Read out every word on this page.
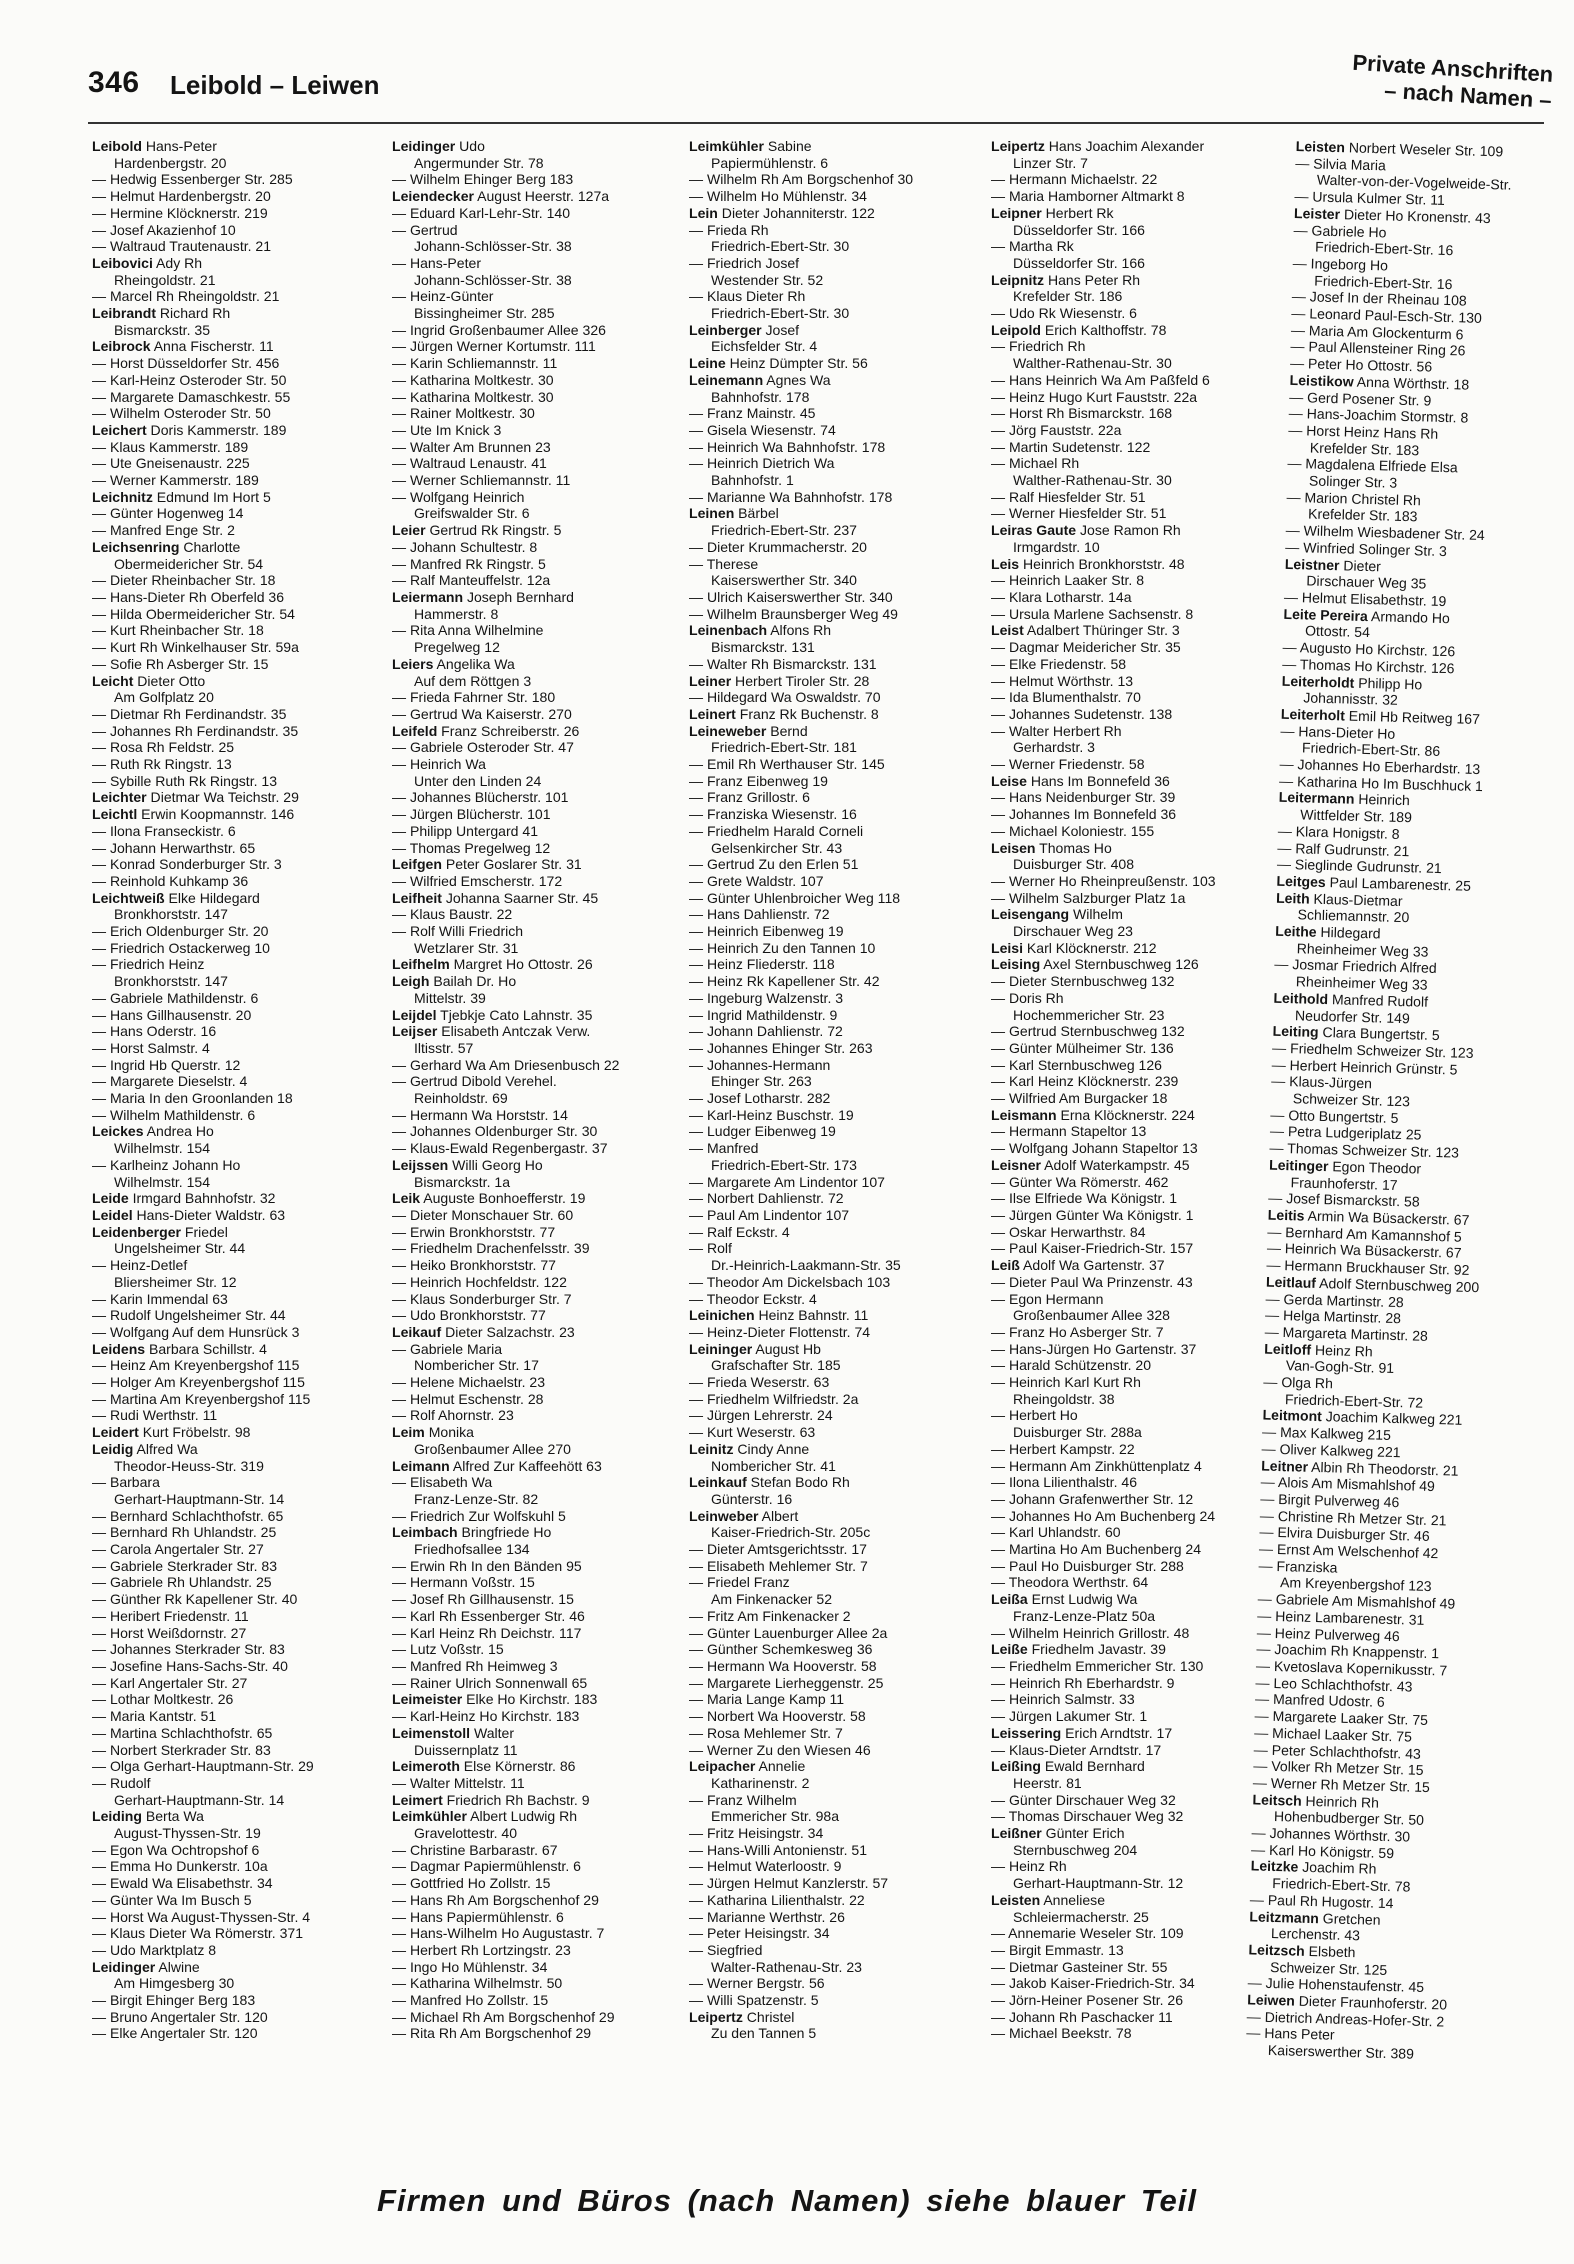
346 Leibold – Leiwen	Private Anschriften
– nach Namen –
Leibold Hans-Peter
Hardenbergstr. 20
— Hedwig Essenberger Str. 285
— Helmut Hardenbergstr. 20
— Hermine Klöcknerstr. 219
— Josef Akazienhof 10
— Waltraud Trautenaustr. 21
Leibovici Ady Rh
Rheingoldstr. 21
— Marcel Rh Rheingoldstr. 21
Leibrandt Richard Rh
Bismarckstr. 35
Leibrock Anna Fischerstr. 11
— Horst Düsseldorfer Str. 456
— Karl-Heinz Osteroder Str. 50
— Margarete Damaschkestr. 55
— Wilhelm Osteroder Str. 50
Leichert Doris Kammerstr. 189
— Klaus Kammerstr. 189
— Ute Gneisenaustr. 225
— Werner Kammerstr. 189
Leichnitz Edmund Im Hort 5
— Günter Hogenweg 14
— Manfred Enge Str. 2
Leichsenring Charlotte
Obermeidericher Str. 54
— Dieter Rheinbacher Str. 18
— Hans-Dieter Rh Oberfeld 36
— Hilda Obermeidericher Str. 54
— Kurt Rheinbacher Str. 18
— Kurt Rh Winkelhauser Str. 59a
— Sofie Rh Asberger Str. 15
Leicht Dieter Otto
Am Golfplatz 20
— Dietmar Rh Ferdinandstr. 35
— Johannes Rh Ferdinandstr. 35
— Rosa Rh Feldstr. 25
— Ruth Rk Ringstr. 13
— Sybille Ruth Rk Ringstr. 13
Leichter Dietmar Wa Teichstr. 29
Leichtl Erwin Koopmannstr. 146
— Ilona Franseckistr. 6
— Johann Herwarthstr. 65
— Konrad Sonderburger Str. 3
— Reinhold Kuhkamp 36
Leichtweiß Elke Hildegard
Bronkhorststr. 147
— Erich Oldenburger Str. 20
— Friedrich Ostackerweg 10
— Friedrich Heinz
Bronkhorststr. 147
— Gabriele Mathildenstr. 6
— Hans Gillhausenstr. 20
— Hans Oderstr. 16
— Horst Salmstr. 4
— Ingrid Hb Querstr. 12
— Margarete Dieselstr. 4
— Maria In den Groonlanden 18
— Wilhelm Mathildenstr. 6
Leickes Andrea Ho
Wilhelmstr. 154
— Karlheinz Johann Ho
Wilhelmstr. 154
Leide Irmgard Bahnhofstr. 32
Leidel Hans-Dieter Waldstr. 63
Leidenberger Friedel
Ungelsheimer Str. 44
— Heinz-Detlef
Bliersheimer Str. 12
— Karin Immendal 63
— Rudolf Ungelsheimer Str. 44
— Wolfgang Auf dem Hunsrück 3
Leidens Barbara Schillstr. 4
— Heinz Am Kreyenbergshof 115
— Holger Am Kreyenbergshof 115
— Martina Am Kreyenbergshof 115
— Rudi Werthstr. 11
Leidert Kurt Fröbelstr. 98
Leidig Alfred Wa
Theodor-Heuss-Str. 319
— Barbara
Gerhart-Hauptmann-Str. 14
— Bernhard Schlachthofstr. 65
— Bernhard Rh Uhlandstr. 25
— Carola Angertaler Str. 27
— Gabriele Sterkrader Str. 83
— Gabriele Rh Uhlandstr. 25
— Günther Rk Kapellener Str. 40
— Heribert Friedenstr. 11
— Horst Weißdornstr. 27
— Johannes Sterkrader Str. 83
— Josefine Hans-Sachs-Str. 40
— Karl Angertaler Str. 27
— Lothar Moltkestr. 26
— Maria Kantstr. 51
— Martina Schlachthofstr. 65
— Norbert Sterkrader Str. 83
— Olga Gerhart-Hauptmann-Str. 29
— Rudolf
Gerhart-Hauptmann-Str. 14
Leiding Berta Wa
August-Thyssen-Str. 19
— Egon Wa Ochtropshof 6
— Emma Ho Dunkerstr. 10a
— Ewald Wa Elisabethstr. 34
— Günter Wa Im Busch 5
— Horst Wa August-Thyssen-Str. 4
— Klaus Dieter Wa Römerstr. 371
— Udo Marktplatz 8
Leidinger Alwine
Am Himgesberg 30
— Birgit Ehinger Berg 183
— Bruno Angertaler Str. 120
— Elke Angertaler Str. 120
Leidinger Udo
Angermunder Str. 78
— Wilhelm Ehinger Berg 183
Leiendecker August Heerstr. 127a
— Eduard Karl-Lehr-Str. 140
— Gertrud
Johann-Schlösser-Str. 38
— Hans-Peter
Johann-Schlösser-Str. 38
— Heinz-Günter
Bissingheimer Str. 285
— Ingrid Großenbaumer Allee 326
— Jürgen Werner Kortumstr. 111
— Karin Schliemannstr. 11
— Katharina Moltkestr. 30
— Katharina Moltkestr. 30
— Rainer Moltkestr. 30
— Ute Im Knick 3
— Walter Am Brunnen 23
— Waltraud Lenaustr. 41
— Werner Schliemannstr. 11
— Wolfgang Heinrich
Greifswalder Str. 6
Leier Gertrud Rk Ringstr. 5
— Johann Schultestr. 8
— Manfred Rk Ringstr. 5
— Ralf Manteuffelstr. 12a
Leiermann Joseph Bernhard
Hammerstr. 8
— Rita Anna Wilhelmine
Pregelweg 12
Leiers Angelika Wa
Auf dem Röttgen 3
— Frieda Fahrner Str. 180
— Gertrud Wa Kaiserstr. 270
Leifeld Franz Schreiberstr. 26
— Gabriele Osteroder Str. 47
— Heinrich Wa
Unter den Linden 24
— Johannes Blücherstr. 101
— Jürgen Blücherstr. 101
— Philipp Untergard 41
— Thomas Pregelweg 12
Leifgen Peter Goslarer Str. 31
— Wilfried Emscherstr. 172
Leifheit Johanna Saarner Str. 45
— Klaus Baustr. 22
— Rolf Willi Friedrich
Wetzlarer Str. 31
Leifhelm Margret Ho Ottostr. 26
Leigh Bailah Dr. Ho
Mittelstr. 39
Leijdel Tjebkje Cato Lahnstr. 35
Leijser Elisabeth Antczak Verw.
Iltisstr. 57
— Gerhard Wa Am Driesenbusch 22
— Gertrud Dibold Verehel.
Reinholdstr. 69
— Hermann Wa Horststr. 14
— Johannes Oldenburger Str. 30
— Klaus-Ewald Regenbergastr. 37
Leijssen Willi Georg Ho
Bismarckstr. 1a
Leik Auguste Bonhoefferstr. 19
— Dieter Monschauer Str. 60
— Erwin Bronkhorststr. 77
— Friedhelm Drachenfelsstr. 39
— Heiko Bronkhorststr. 77
— Heinrich Hochfeldstr. 122
— Klaus Sonderburger Str. 7
— Udo Bronkhorststr. 77
Leikauf Dieter Salzachstr. 23
— Gabriele Maria
Nombericher Str. 17
— Helene Michaelstr. 23
— Helmut Eschenstr. 28
— Rolf Ahornstr. 23
Leim Monika
Großenbaumer Allee 270
Leimann Alfred Zur Kaffeehött 63
— Elisabeth Wa
Franz-Lenze-Str. 82
— Friedrich Zur Wolfskuhl 5
Leimbach Bringfriede Ho
Friedhofsallee 134
— Erwin Rh In den Bänden 95
— Hermann Voßstr. 15
— Josef Rh Gillhausenstr. 15
— Karl Rh Essenberger Str. 46
— Karl Heinz Rh Deichstr. 117
— Lutz Voßstr. 15
— Manfred Rh Heimweg 3
— Rainer Ulrich Sonnenwall 65
Leimeister Elke Ho Kirchstr. 183
— Karl-Heinz Ho Kirchstr. 183
Leimenstoll Walter
Duissernplatz 11
Leimeroth Else Körnerstr. 86
— Walter Mittelstr. 11
Leimert Friedrich Rh Bachstr. 9
Leimkühler Albert Ludwig Rh
Gravelottestr. 40
— Christine Barbarastr. 67
— Dagmar Papiermühlenstr. 6
— Gottfried Ho Zollstr. 15
— Hans Rh Am Borgschenhof 29
— Hans Papiermühlenstr. 6
— Hans-Wilhelm Ho Augustastr. 7
— Herbert Rh Lortzingstr. 23
— Ingo Ho Mühlenstr. 34
— Katharina Wilhelmstr. 50
— Manfred Ho Zollstr. 15
— Michael Rh Am Borgschenhof 29
— Rita Rh Am Borgschenhof 29
Leimkühler Sabine
Papiermühlenstr. 6
— Wilhelm Rh Am Borgschenhof 30
— Wilhelm Ho Mühlenstr. 34
Lein Dieter Johanniterstr. 122
— Frieda Rh
Friedrich-Ebert-Str. 30
— Friedrich Josef
Westender Str. 52
— Klaus Dieter Rh
Friedrich-Ebert-Str. 30
Leinberger Josef
Eichsfelder Str. 4
Leine Heinz Dümpter Str. 56
Leinemann Agnes Wa
Bahnhofstr. 178
— Franz Mainstr. 45
— Gisela Wiesenstr. 74
— Heinrich Wa Bahnhofstr. 178
— Heinrich Dietrich Wa
Bahnhofstr. 1
— Marianne Wa Bahnhofstr. 178
Leinen Bärbel
Friedrich-Ebert-Str. 237
— Dieter Krummacherstr. 20
— Therese
Kaiserswerther Str. 340
— Ulrich Kaiserswerther Str. 340
— Wilhelm Braunsberger Weg 49
Leinenbach Alfons Rh
Bismarckstr. 131
— Walter Rh Bismarckstr. 131
Leiner Herbert Tiroler Str. 28
— Hildegard Wa Oswaldstr. 70
Leinert Franz Rk Buchenstr. 8
Leineweber Bernd
Friedrich-Ebert-Str. 181
— Emil Rh Werthauser Str. 145
— Franz Eibenweg 19
— Franz Grillostr. 6
— Franziska Wiesenstr. 16
— Friedhelm Harald Corneli
Gelsenkircher Str. 43
— Gertrud Zu den Erlen 51
— Grete Waldstr. 107
— Günter Uhlenbroicher Weg 118
— Hans Dahlienstr. 72
— Heinrich Eibenweg 19
— Heinrich Zu den Tannen 10
— Heinz Fliederstr. 118
— Heinz Rk Kapellener Str. 42
— Ingeburg Walzenstr. 3
— Ingrid Mathildenstr. 9
— Johann Dahlienstr. 72
— Johannes Ehinger Str. 263
— Johannes-Hermann
Ehinger Str. 263
— Josef Lotharstr. 282
— Karl-Heinz Buschstr. 19
— Ludger Eibenweg 19
— Manfred
Friedrich-Ebert-Str. 173
— Margarete Am Lindentor 107
— Norbert Dahlienstr. 72
— Paul Am Lindentor 107
— Ralf Eckstr. 4
— Rolf
Dr.-Heinrich-Laakmann-Str. 35
— Theodor Am Dickelsbach 103
— Theodor Eckstr. 4
Leinichen Heinz Bahnstr. 11
— Heinz-Dieter Flottenstr. 74
Leininger August Hb
Grafschafter Str. 185
— Frieda Weserstr. 63
— Friedhelm Wilfriedstr. 2a
— Jürgen Lehrerstr. 24
— Kurt Weserstr. 63
Leinitz Cindy Anne
Nombericher Str. 41
Leinkauf Stefan Bodo Rh
Günterstr. 16
Leinweber Albert
Kaiser-Friedrich-Str. 205c
— Dieter Amtsgerichtsstr. 17
— Elisabeth Mehlemer Str. 7
— Friedel Franz
Am Finkenacker 52
— Fritz Am Finkenacker 2
— Günter Lauenburger Allee 2a
— Günther Schemkesweg 36
— Hermann Wa Hooverstr. 58
— Margarete Lierheggenstr. 25
— Maria Lange Kamp 11
— Norbert Wa Hooverstr. 58
— Rosa Mehlemer Str. 7
— Werner Zu den Wiesen 46
Leipacher Annelie
Katharinenstr. 2
— Franz Wilhelm
Emmericher Str. 98a
— Fritz Heisingstr. 34
— Hans-Willi Antonienstr. 51
— Helmut Waterloostr. 9
— Jürgen Helmut Kanzlerstr. 57
— Katharina Lilienthalstr. 22
— Marianne Werthstr. 26
— Peter Heisingstr. 34
— Siegfried
Walter-Rathenau-Str. 23
— Werner Bergstr. 56
— Willi Spatzenstr. 5
Leipertz Christel
Zu den Tannen 5
Leipertz Hans Joachim Alexander
Linzer Str. 7
— Hermann Michaelstr. 22
— Maria Hamborner Altmarkt 8
Leipner Herbert Rk
Düsseldorfer Str. 166
— Martha Rk
Düsseldorfer Str. 166
Leipnitz Hans Peter Rh
Krefelder Str. 186
— Udo Rk Wiesenstr. 6
Leipold Erich Kalthoffstr. 78
— Friedrich Rh
Walther-Rathenau-Str. 30
— Hans Heinrich Wa Am Paßfeld 6
— Heinz Hugo Kurt Fauststr. 22a
— Horst Rh Bismarckstr. 168
— Jörg Fauststr. 22a
— Martin Sudetenstr. 122
— Michael Rh
Walther-Rathenau-Str. 30
— Ralf Hiesfelder Str. 51
— Werner Hiesfelder Str. 51
Leiras Gaute Jose Ramon Rh
Irmgardstr. 10
Leis Heinrich Bronkhorststr. 48
— Heinrich Laaker Str. 8
— Klara Lotharstr. 14a
— Ursula Marlene Sachsenstr. 8
Leist Adalbert Thüringer Str. 3
— Dagmar Meidericher Str. 35
— Elke Friedenstr. 58
— Helmut Wörthstr. 13
— Ida Blumenthalstr. 70
— Johannes Sudetenstr. 138
— Walter Herbert Rh
Gerhardstr. 3
— Werner Friedenstr. 58
Leise Hans Im Bonnefeld 36
— Hans Neidenburger Str. 39
— Johannes Im Bonnefeld 36
— Michael Koloniestr. 155
Leisen Thomas Ho
Duisburger Str. 408
— Werner Ho Rheinpreußenstr. 103
— Wilhelm Salzburger Platz 1a
Leisengang Wilhelm
Dirschauer Weg 23
Leisi Karl Klöcknerstr. 212
Leising Axel Sternbuschweg 126
— Dieter Sternbuschweg 132
— Doris Rh
Hochemmericher Str. 23
— Gertrud Sternbuschweg 132
— Günter Mülheimer Str. 136
— Karl Sternbuschweg 126
— Karl Heinz Klöcknerstr. 239
— Wilfried Am Burgacker 18
Leismann Erna Klöcknerstr. 224
— Hermann Stapeltor 13
— Wolfgang Johann Stapeltor 13
Leisner Adolf Waterkampstr. 45
— Günter Wa Römerstr. 462
— Ilse Elfriede Wa Königstr. 1
— Jürgen Günter Wa Königstr. 1
— Oskar Herwarthstr. 84
— Paul Kaiser-Friedrich-Str. 157
Leiß Adolf Wa Gartenstr. 37
— Dieter Paul Wa Prinzenstr. 43
— Egon Hermann
Großenbaumer Allee 328
— Franz Ho Asberger Str. 7
— Hans-Jürgen Ho Gartenstr. 37
— Harald Schützenstr. 20
— Heinrich Karl Kurt Rh
Rheingoldstr. 38
— Herbert Ho
Duisburger Str. 288a
— Herbert Kampstr. 22
— Hermann Am Zinkhüttenplatz 4
— Ilona Lilienthalstr. 46
— Johann Grafenwerther Str. 12
— Johannes Ho Am Buchenberg 24
— Karl Uhlandstr. 60
— Martina Ho Am Buchenberg 24
— Paul Ho Duisburger Str. 288
— Theodora Werthstr. 64
Leißa Ernst Ludwig Wa
Franz-Lenze-Platz 50a
— Wilhelm Heinrich Grillostr. 48
Leiße Friedhelm Javastr. 39
— Friedhelm Emmericher Str. 130
— Heinrich Rh Eberhardstr. 9
— Heinrich Salmstr. 33
— Jürgen Lakumer Str. 1
Leissering Erich Arndtstr. 17
— Klaus-Dieter Arndtstr. 17
Leißing Ewald Bernhard
Heerstr. 81
— Günter Dirschauer Weg 32
— Thomas Dirschauer Weg 32
Leißner Günter Erich
Sternbuschweg 204
— Heinz Rh
Gerhart-Hauptmann-Str. 12
Leisten Anneliese
Schleiermacherstr. 25
— Annemarie Weseler Str. 109
— Birgit Emmastr. 13
— Dietmar Gasteiner Str. 55
— Jakob Kaiser-Friedrich-Str. 34
— Jörn-Heiner Posener Str. 26
— Johann Rh Paschacker 11
— Michael Beekstr. 78
Leisten Norbert Weseler Str. 109
— Silvia Maria
Walter-von-der-Vogelweide-Str.
— Ursula Kulmer Str. 11
Leister Dieter Ho Kronenstr. 43
— Gabriele Ho
Friedrich-Ebert-Str. 16
— Ingeborg Ho
Friedrich-Ebert-Str. 16
— Josef In der Rheinau 108
— Leonard Paul-Esch-Str. 130
— Maria Am Glockenturm 6
— Paul Allensteiner Ring 26
— Peter Ho Ottostr. 56
Leistikow Anna Wörthstr. 18
— Gerd Posener Str. 9
— Hans-Joachim Stormstr. 8
— Horst Heinz Hans Rh
Krefelder Str. 183
— Magdalena Elfriede Elsa
Solinger Str. 3
— Marion Christel Rh
Krefelder Str. 183
— Wilhelm Wiesbadener Str. 24
— Winfried Solinger Str. 3
Leistner Dieter
Dirschauer Weg 35
— Helmut Elisabethstr. 19
Leite Pereira Armando Ho
Ottostr. 54
— Augusto Ho Kirchstr. 126
— Thomas Ho Kirchstr. 126
Leiterholdt Philipp Ho
Johannisstr. 32
Leiterholt Emil Hb Reitweg 167
— Hans-Dieter Ho
Friedrich-Ebert-Str. 86
— Johannes Ho Eberhardstr. 13
— Katharina Ho Im Buschhuck 1
Leitermann Heinrich
Wittfelder Str. 189
— Klara Honigstr. 8
— Ralf Gudrunstr. 21
— Sieglinde Gudrunstr. 21
Leitges Paul Lambarenestr. 25
Leith Klaus-Dietmar
Schliemannstr. 20
Leithe Hildegard
Rheinheimer Weg 33
— Josmar Friedrich Alfred
Rheinheimer Weg 33
Leithold Manfred Rudolf
Neudorfer Str. 149
Leiting Clara Bungertstr. 5
— Friedhelm Schweizer Str. 123
— Herbert Heinrich Grünstr. 5
— Klaus-Jürgen
Schweizer Str. 123
— Otto Bungertstr. 5
— Petra Ludgeriplatz 25
— Thomas Schweizer Str. 123
Leitinger Egon Theodor
Fraunhoferstr. 17
— Josef Bismarckstr. 58
Leitis Armin Wa Büsackerstr. 67
— Bernhard Am Kamannshof 5
— Heinrich Wa Büsackerstr. 67
— Hermann Bruckhauser Str. 92
Leitlauf Adolf Sternbuschweg 200
— Gerda Martinstr. 28
— Helga Martinstr. 28
— Margareta Martinstr. 28
Leitloff Heinz Rh
Van-Gogh-Str. 91
— Olga Rh
Friedrich-Ebert-Str. 72
Leitmont Joachim Kalkweg 221
— Max Kalkweg 215
— Oliver Kalkweg 221
Leitner Albin Rh Theodorstr. 21
— Alois Am Mismahlshof 49
— Birgit Pulverweg 46
— Christine Rh Metzer Str. 21
— Elvira Duisburger Str. 46
— Ernst Am Welschenhof 42
— Franziska
Am Kreyenbergshof 123
— Gabriele Am Mismahlshof 49
— Heinz Lambarenestr. 31
— Heinz Pulverweg 46
— Joachim Rh Knappenstr. 1
— Kvetoslava Kopernikusstr. 7
— Leo Schlachthofstr. 43
— Manfred Udostr. 6
— Margarete Laaker Str. 75
— Michael Laaker Str. 75
— Peter Schlachthofstr. 43
— Volker Rh Metzer Str. 15
— Werner Rh Metzer Str. 15
Leitsch Heinrich Rh
Hohenbudberger Str. 50
— Johannes Wörthstr. 30
— Karl Ho Königstr. 59
Leitzke Joachim Rh
Friedrich-Ebert-Str. 78
— Paul Rh Hugostr. 14
Leitzmann Gretchen
Lerchenstr. 43
Leitzsch Elsbeth
Schweizer Str. 125
— Julie Hohenstaufenstr. 45
Leiwen Dieter Fraunhoferstr. 20
— Dietrich Andreas-Hofer-Str. 2
— Hans Peter
Kaiserswerther Str. 389
Firmen und Büros (nach Namen) siehe blauer Teil
